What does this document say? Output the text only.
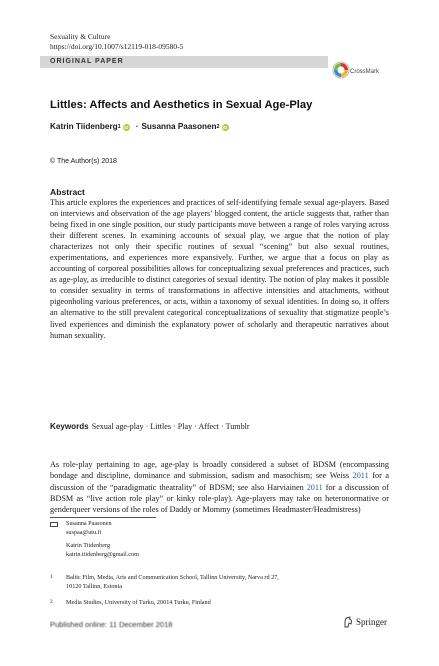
Sexuality & Culture
https://doi.org/10.1007/s12119-018-09580-5
ORIGINAL PAPER
CrossMark
Littles: Affects and Aesthetics in Sexual Age-Play
Katrin Tiidenberg 1 iD · Susanna Paasonen 2 iD
© The Author(s) 2018
Abstract
This article explores the experiences and practices of self-identifying female sexual age-players. Based on interviews and observation of the age players’ blogged content, the article suggests that, rather than being fixed in one single position, our study participants move between a range of roles varying across their different scenes. In examining accounts of sexual play, we argue that the notion of play characterizes not only their specific routines of sexual “scening” but also sexual routines, experimentations, and experiences more expansively. Further, we argue that a focus on play as accounting of corporeal possibilities allows for conceptualizing sexual preferences and practices, such as age-play, as irreducible to distinct categories of sexual identity. The notion of play makes it possible to consider sexuality in terms of transformations in affective intensities and attachments, without pigeonholing various preferences, or acts, within a taxonomy of sexual identities. In doing so, it offers an alternative to the still prevalent categorical conceptualizations of sexuality that stigmatize people’s lived experiences and diminish the explanatory power of scholarly and therapeutic narratives about human sexuality.
Keywords Sexual age-play · Littles · Play · Affect · Tumblr
As role-play pertaining to age, age-play is broadly considered a subset of BDSM (encompassing bondage and discipline, dominance and submission, sadism and masochism; see Weiss 2011 for a discussion of the “paradigmatic theatrality” of BDSM; see also Harviainen 2011 for a discussion of BDSM as “live action role play” or kinky role-play). Age-players may take on heteronormative or genderqueer versions of the roles of Daddy or Mommy (sometimes Headmaster/Headmistress)
Susanna Paasonen
suspaa@utu.fi
Katrin Tiidenberg
katrin.tiidenberg@gmail.com
1 Baltic Film, Media, Arts and Communication School, Tallinn University, Narva rd 27,
10120 Tallinn, Estonia
2 Media Studies, University of Turku, 20014 Turku, Finland
Published online: 11 December 2018	Springer
